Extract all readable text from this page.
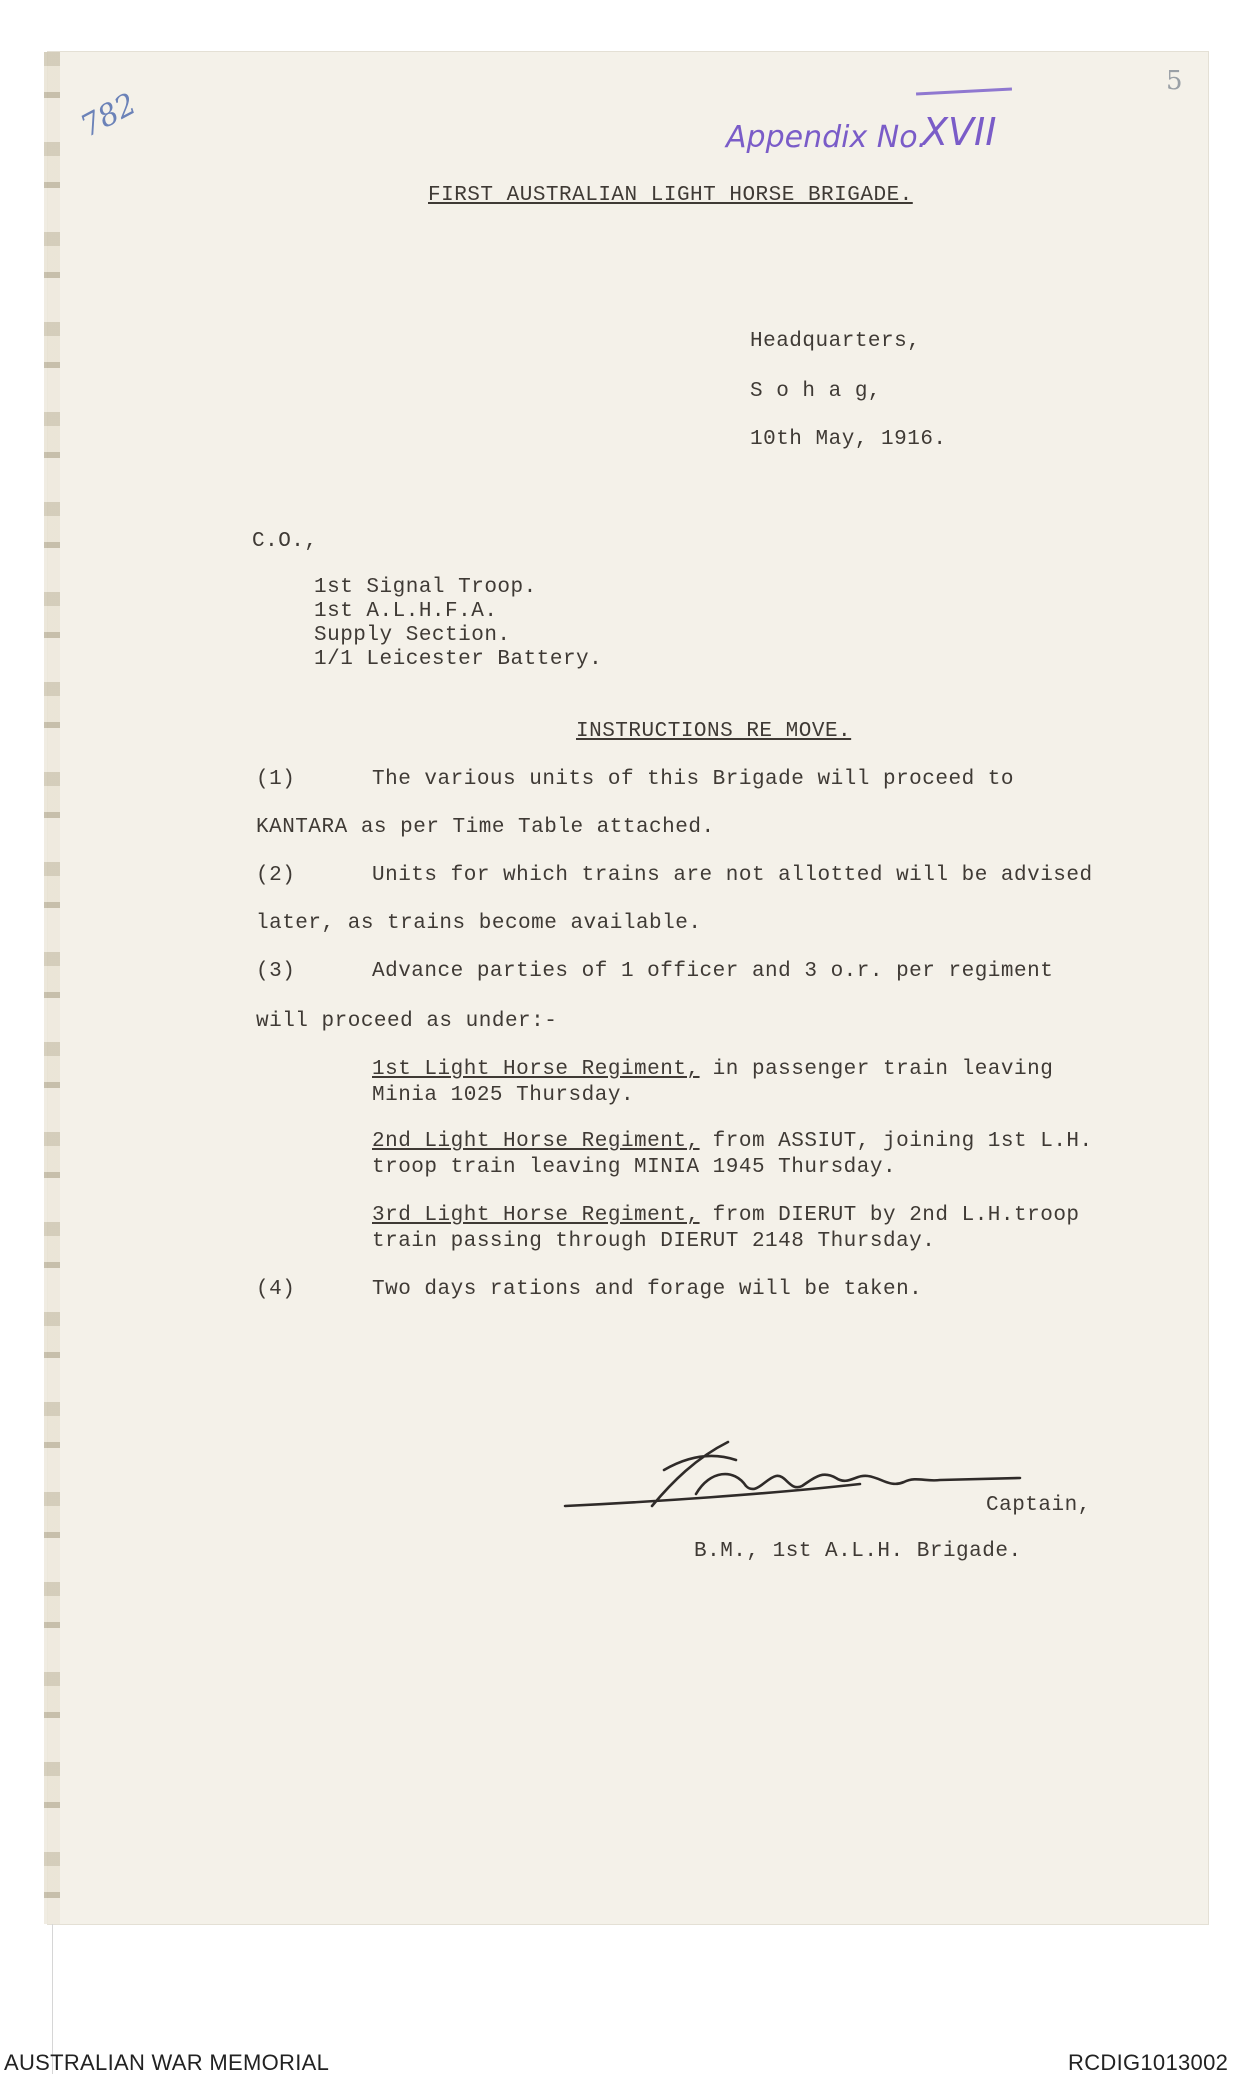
782
5
Appendix No.
XVII
FIRST AUSTRALIAN LIGHT HORSE BRIGADE.
Headquarters,
S o h a g,
10th May, 1916.
C.O.,
1st Signal Troop.
1st A.L.H.F.A.
Supply Section.
1/1 Leicester Battery.
INSTRUCTIONS RE MOVE.
(1)	The various units of this Brigade will proceed to
KANTARA as per Time Table attached.
(2)	Units for which trains are not allotted will be advised
later, as trains become available.
(3)	Advance parties of 1 officer and 3 o.r. per regiment
will proceed as under:-
1st Light Horse Regiment, in passenger train leaving
Minia 1025 Thursday.
2nd Light Horse Regiment, from ASSIUT, joining 1st L.H.
troop train leaving MINIA 1945 Thursday.
3rd Light Horse Regiment, from DIERUT by 2nd L.H.troop
train passing through DIERUT 2148 Thursday.
(4)	Two days rations and forage will be taken.
Captain,
B.M., 1st A.L.H. Brigade.
AUSTRALIAN WAR MEMORIAL	RCDIG1013002
